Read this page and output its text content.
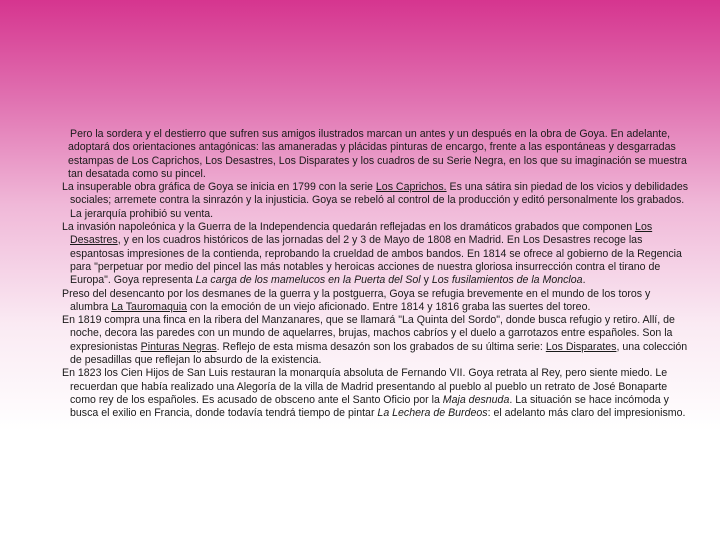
Pero la sordera y el destierro que sufren sus amigos ilustrados marcan un antes y un después en la obra de Goya. En adelante, adoptará dos orientaciones antagónicas: las amaneradas y plácidas pinturas de encargo, frente a las espontáneas y desgarradas estampas de Los Caprichos, Los Desastres, Los Disparates y los cuadros de su Serie Negra, en los que su imaginación se muestra tan desatada como su pincel.

La insuperable obra gráfica de Goya se inicia en 1799 con la serie Los Caprichos. Es una sátira sin piedad de los vicios y debilidades sociales; arremete contra la sinrazón y la injusticia. Goya se rebeló al control de la producción y editó personalmente los grabados. La jerarquía prohibió su venta.

La invasión napoleónica y la Guerra de la Independencia quedarán reflejadas en los dramáticos grabados que componen Los Desastres, y en los cuadros históricos de las jornadas del 2 y 3 de Mayo de 1808 en Madrid. En Los Desastres recoge las espantosas impresiones de la contienda, reprobando la crueldad de ambos bandos. En 1814 se ofrece al gobierno de la Regencia para "perpetuar por medio del pincel las más notables y heroicas acciones de nuestra gloriosa insurrección contra el tirano de Europa". Goya representa La carga de los mamelucos en la Puerta del Sol y Los fusilamientos de la Moncloa.

Preso del desencanto por los desmanes de la guerra y la postguerra, Goya se refugia brevemente en el mundo de los toros y alumbra La Tauromaquia con la emoción de un viejo aficionado. Entre 1814 y 1816 graba las suertes del toreo.

En 1819 compra una finca en la ribera del Manzanares, que se llamará "La Quinta del Sordo", donde busca refugio y retiro. Allí, de noche, decora las paredes con un mundo de aquelarres, brujas, machos cabríos y el duelo a garrotazos entre españoles. Son la expresionistas Pinturas Negras. Reflejo de esta misma desazón son los grabados de su última serie: Los Disparates, una colección de pesadillas que reflejan lo absurdo de la existencia.

En 1823 los Cien Hijos de San Luis restauran la monarquía absoluta de Fernando VII. Goya retrata al Rey, pero siente miedo. Le recuerdan que había realizado una Alegoría de la villa de Madrid presentando al pueblo al pueblo un retrato de José Bonaparte como rey de los españoles. Es acusado de obsceno ante el Santo Oficio por la Maja desnuda. La situación se hace incómoda y busca el exilio en Francia, donde todavía tendrá tiempo de pintar La Lechera de Burdeos: el adelanto más claro del impresionismo.
